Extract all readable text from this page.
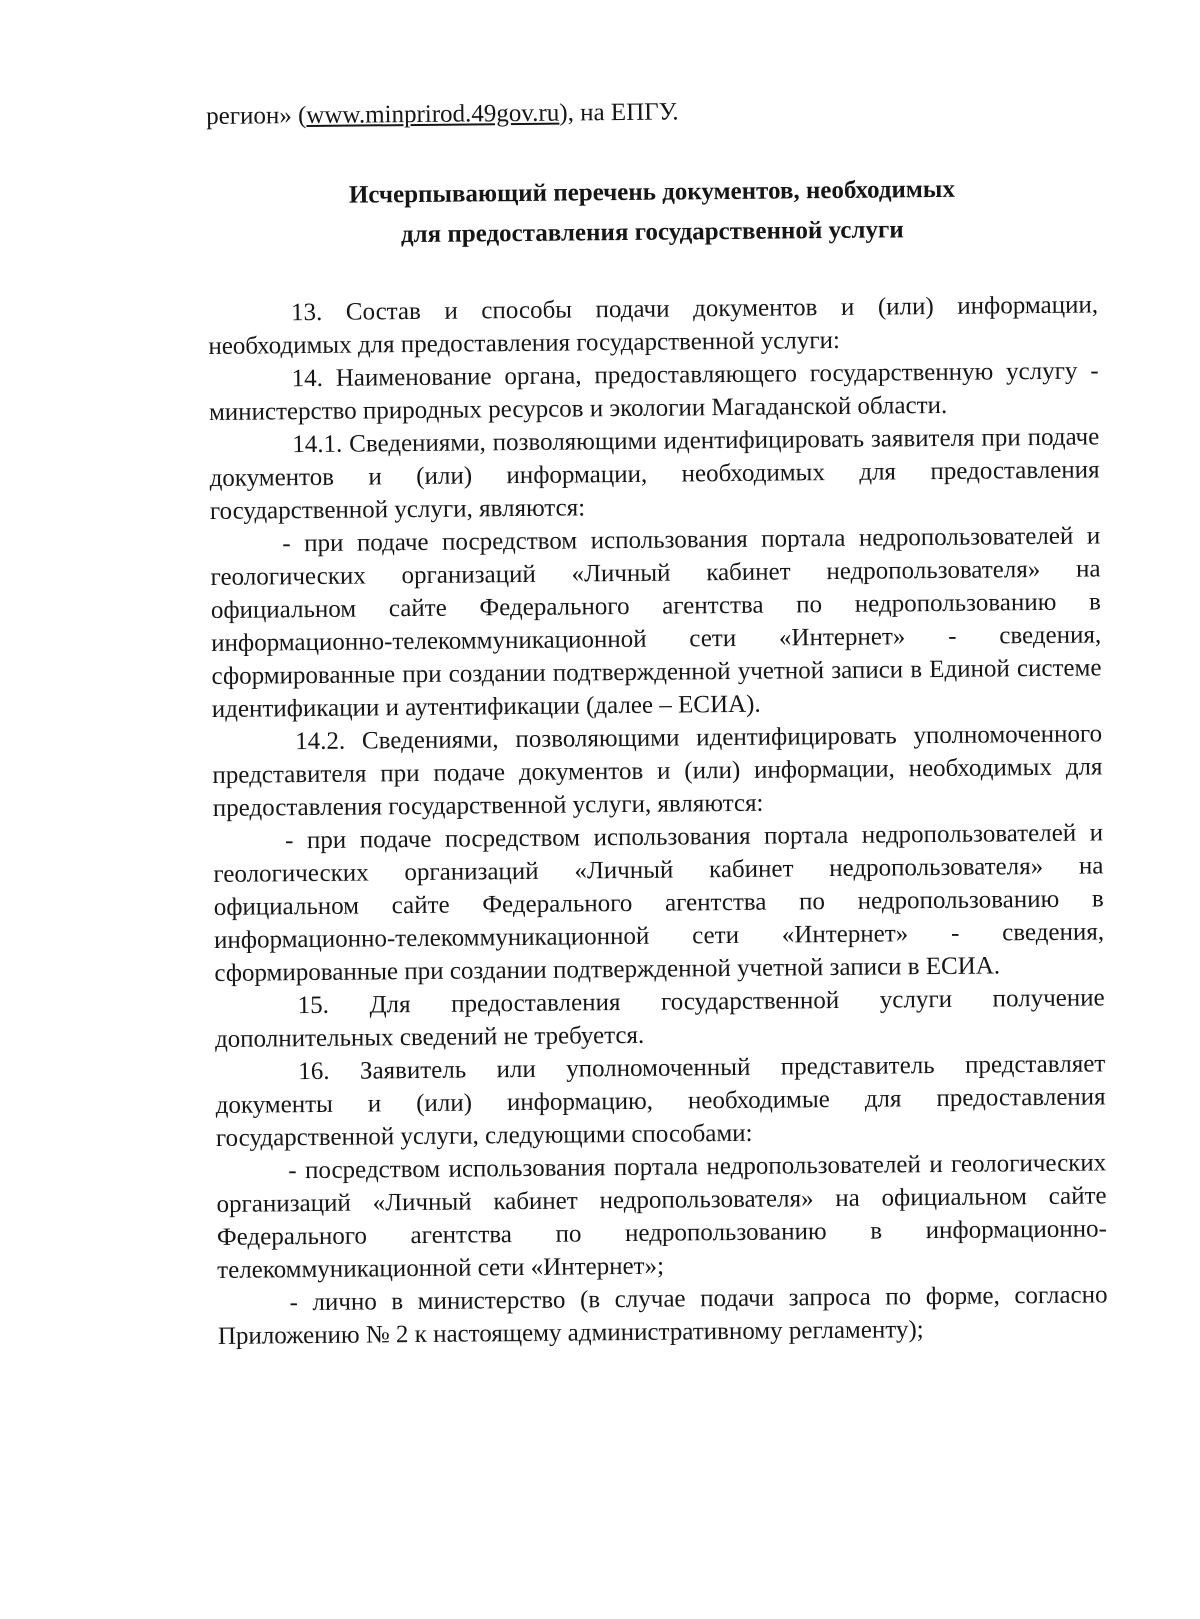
регион» (www.minprirod.49gov.ru), на ЕПГУ.

Исчерпывающий перечень документов, необходимых
для предоставления государственной услуги

13. Состав и способы подачи документов и (или) информации, необходимых для предоставления государственной услуги:

14. Наименование органа, предоставляющего государственную услугу - министерство природных ресурсов и экологии Магаданской области.

14.1. Сведениями, позволяющими идентифицировать заявителя при подаче документов и (или) информации, необходимых для предоставления государственной услуги, являются:

- при подаче посредством использования портала недропользователей и геологических организаций «Личный кабинет недропользователя» на официальном сайте Федерального агентства по недропользованию в информационно-телекоммуникационной сети «Интернет» - сведения, сформированные при создании подтвержденной учетной записи в Единой системе идентификации и аутентификации (далее – ЕСИА).

14.2. Сведениями, позволяющими идентифицировать уполномоченного представителя при подаче документов и (или) информации, необходимых для предоставления государственной услуги, являются:

- при подаче посредством использования портала недропользователей и геологических организаций «Личный кабинет недропользователя» на официальном сайте Федерального агентства по недропользованию в информационно-телекоммуникационной сети «Интернет» - сведения, сформированные при создании подтвержденной учетной записи в ЕСИА.

15. Для предоставления государственной услуги получение дополнительных сведений не требуется.

16. Заявитель или уполномоченный представитель представляет документы и (или) информацию, необходимые для предоставления государственной услуги, следующими способами:

- посредством использования портала недропользователей и геологических организаций «Личный кабинет недропользователя» на официальном сайте Федерального агентства по недропользованию в информационно-телекоммуникационной сети «Интернет»;

- лично в министерство (в случае подачи запроса по форме, согласно Приложению № 2 к настоящему административному регламенту);
